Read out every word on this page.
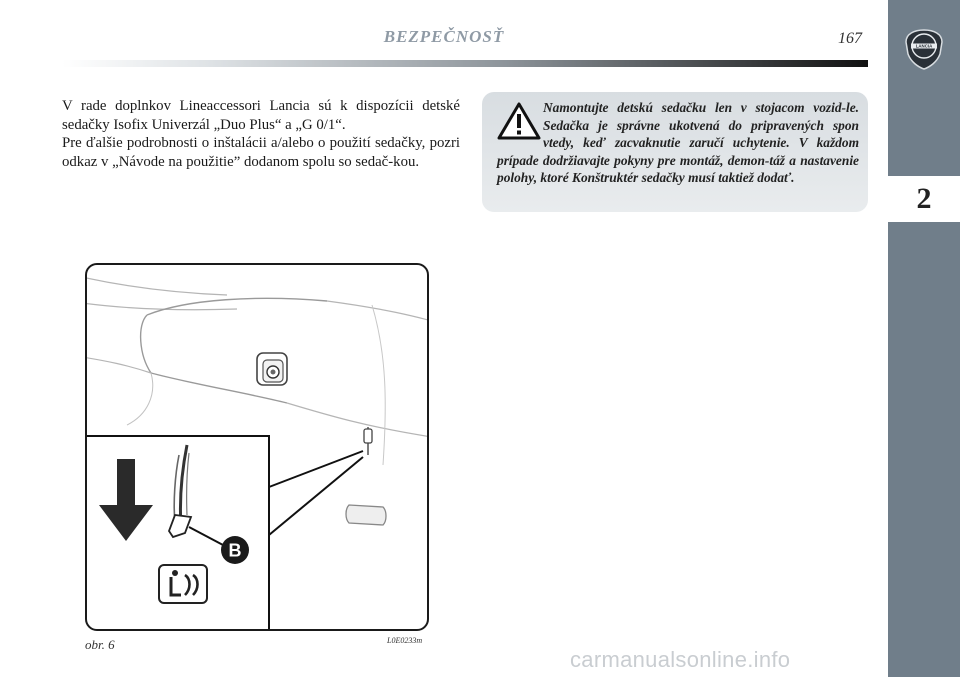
BEZPEČNOSŤ	167	LANCIA
2

V rade doplnkov Lineaccessori Lancia sú k dispozícii detské sedačky Isofix Univerzál „Duo Plus“ a „G 0/1“.

Pre ďalšie podrobnosti o inštalácii a/alebo o použití sedačky, pozri odkaz v „Návode na použitie” dodanom spolu so sedač-kou.

Namontujte detskú sedačku len v stojacom vozid-le. Sedačka je správne ukotvená do pripravených spon vtedy, keď zacvaknutie zaručí uchytenie. V každom prípade dodržiavajte pokyny pre montáž, demon-táž a nastavenie polohy, ktoré Konštruktér sedačky musí taktiež dodať.
B
obr. 6	L0E0233m
carmanualsonline.info
